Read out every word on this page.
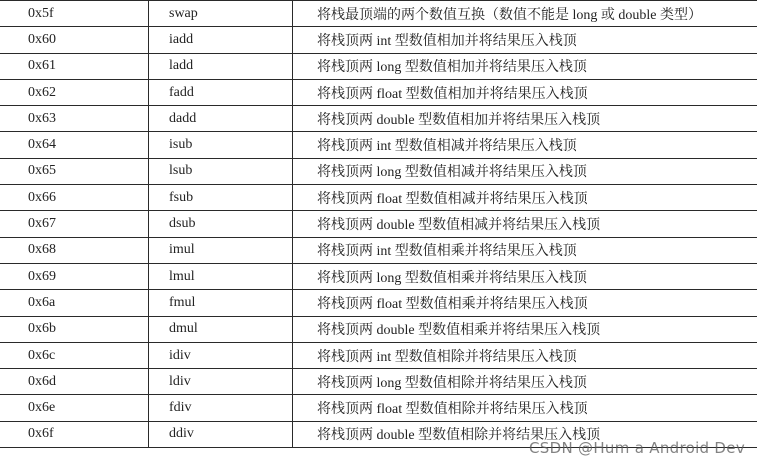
0x5f	swap	将栈最顶端的两个数值互换（数值不能是 long 或 double 类型）
0x60	iadd	将栈顶两 int 型数值相加并将结果压入栈顶
0x61	ladd	将栈顶两 long 型数值相加并将结果压入栈顶
0x62	fadd	将栈顶两 float 型数值相加并将结果压入栈顶
0x63	dadd	将栈顶两 double 型数值相加并将结果压入栈顶
0x64	isub	将栈顶两 int 型数值相减并将结果压入栈顶
0x65	lsub	将栈顶两 long 型数值相减并将结果压入栈顶
0x66	fsub	将栈顶两 float 型数值相减并将结果压入栈顶
0x67	dsub	将栈顶两 double 型数值相减并将结果压入栈顶
0x68	imul	将栈顶两 int 型数值相乘并将结果压入栈顶
0x69	lmul	将栈顶两 long 型数值相乘并将结果压入栈顶
0x6a	fmul	将栈顶两 float 型数值相乘并将结果压入栈顶
0x6b	dmul	将栈顶两 double 型数值相乘并将结果压入栈顶
0x6c	idiv	将栈顶两 int 型数值相除并将结果压入栈顶
0x6d	ldiv	将栈顶两 long 型数值相除并将结果压入栈顶
0x6e	fdiv	将栈顶两 float 型数值相除并将结果压入栈顶
0x6f	ddiv	将栈顶两 double 型数值相除并将结果压入栈顶
CSDN @Hum a Android Dev
